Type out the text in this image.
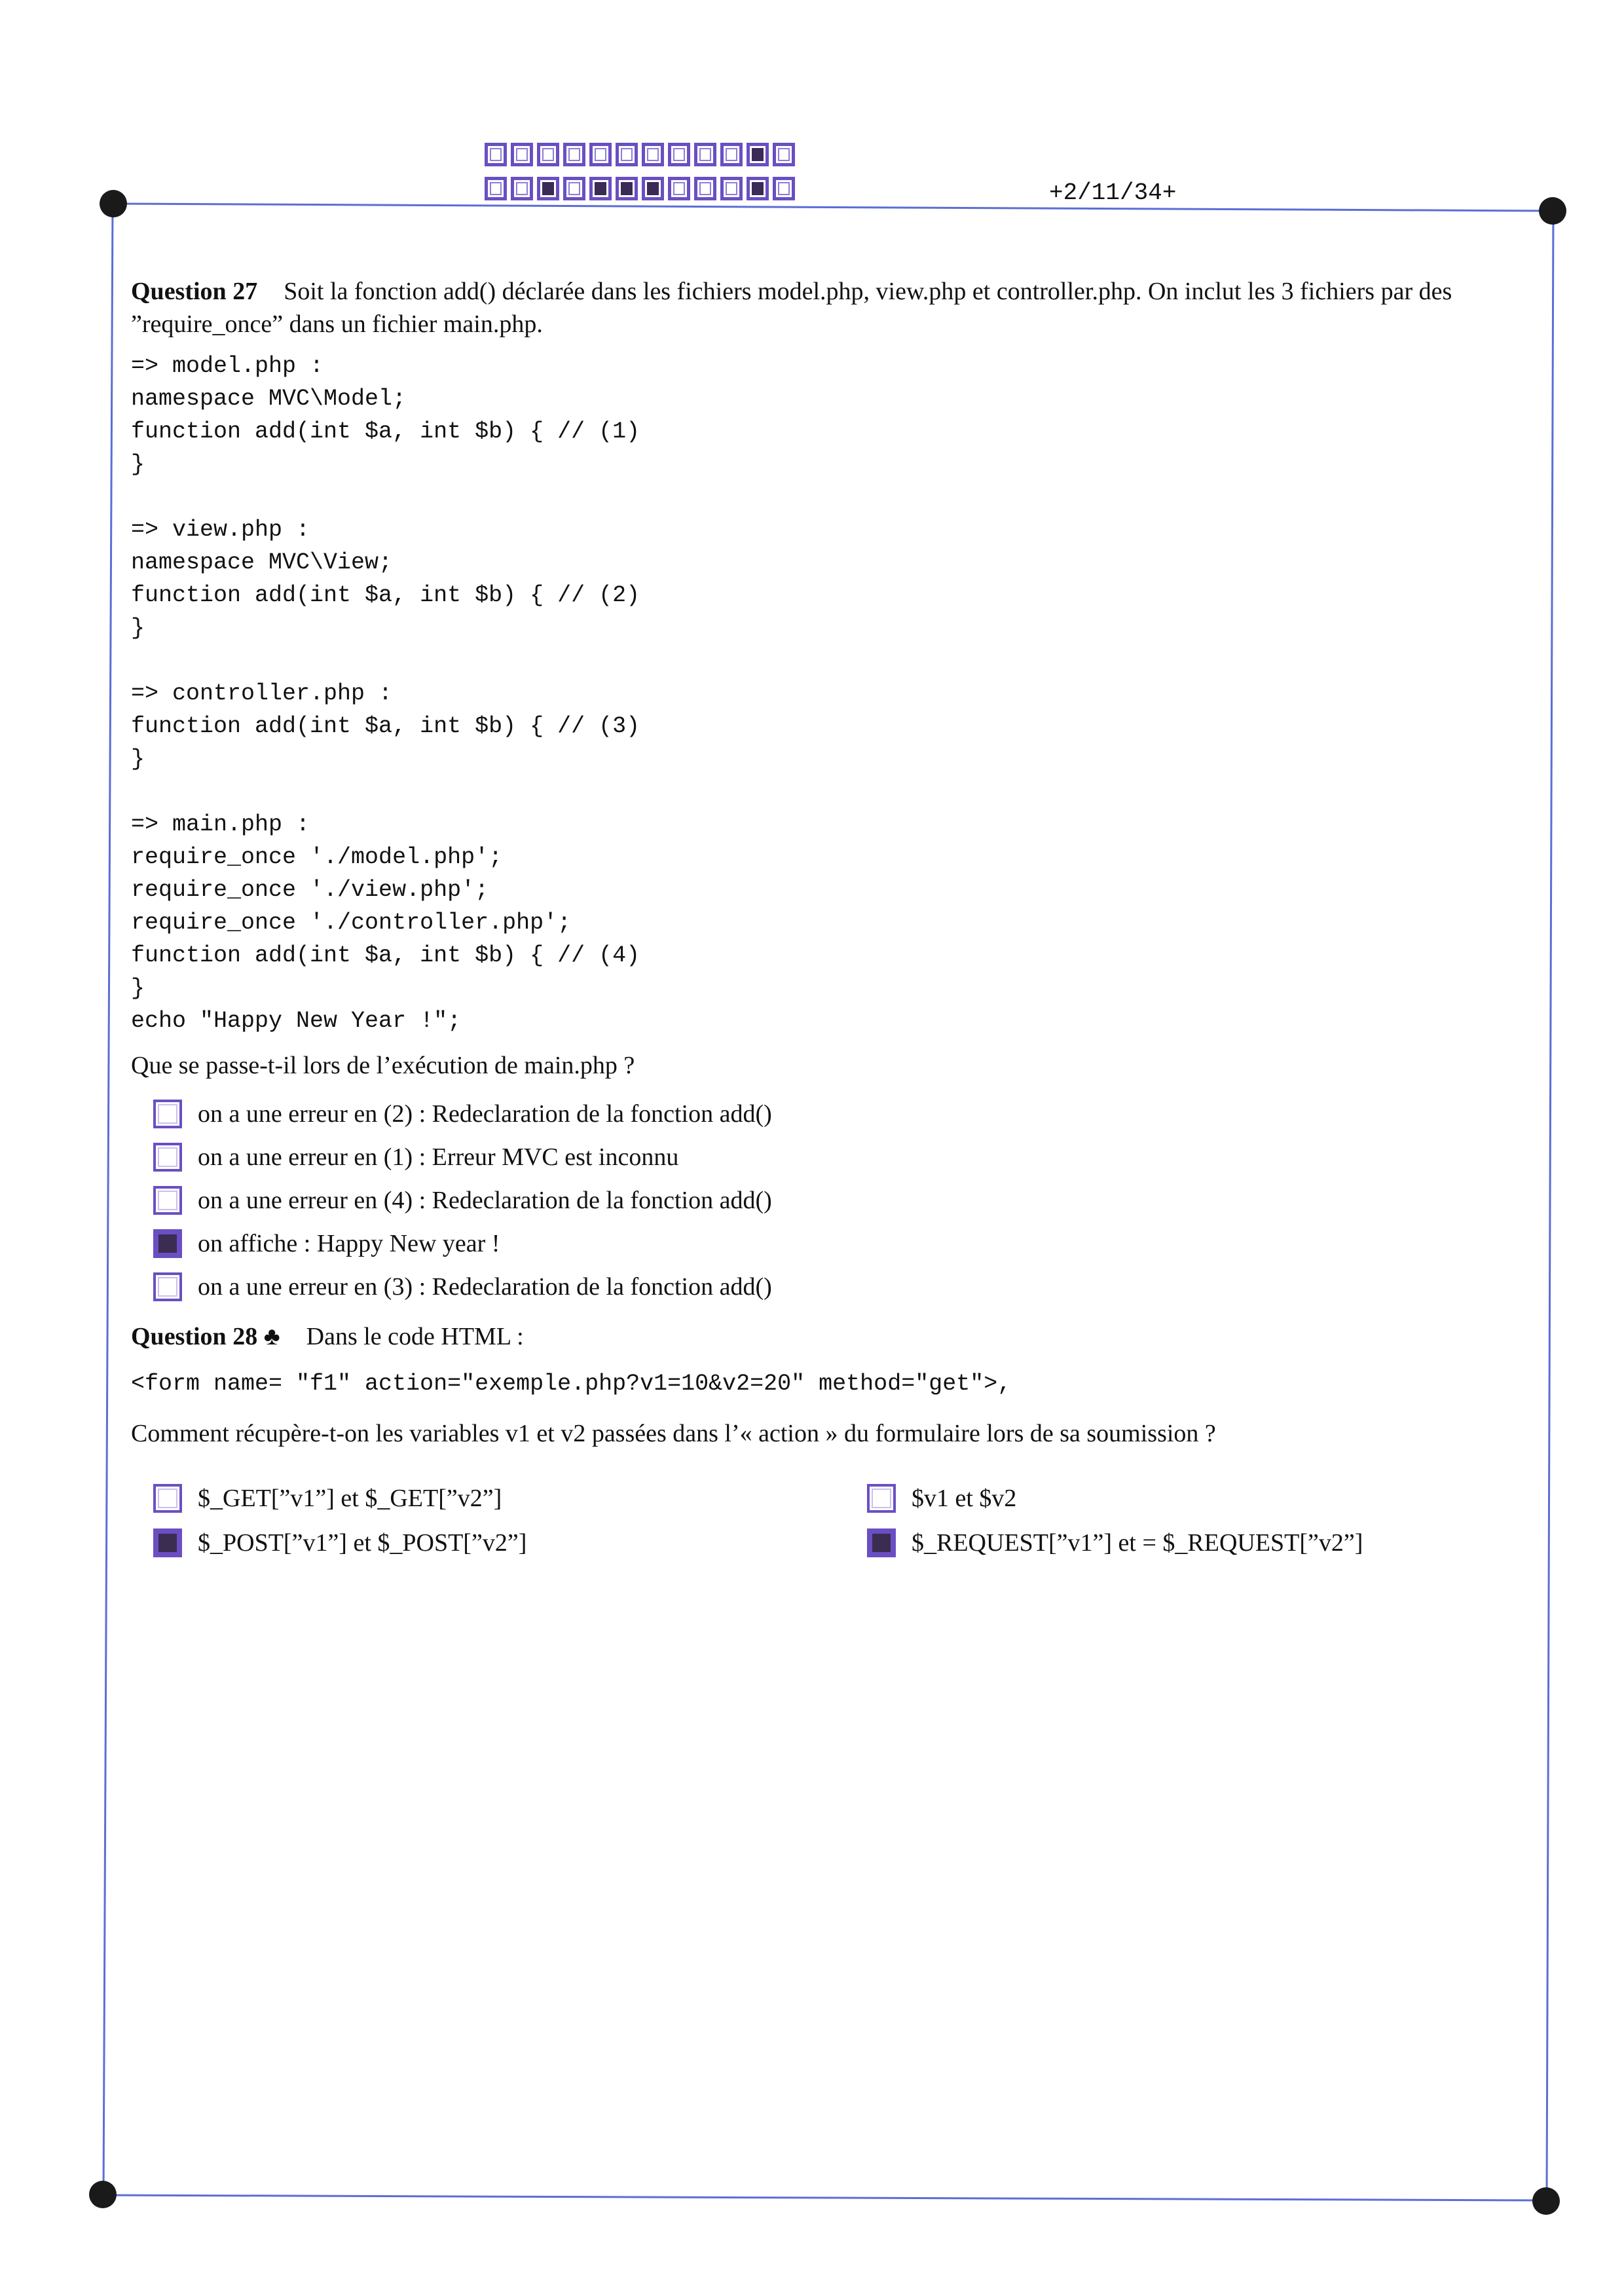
+2/11/34+

Question 27 Soit la fonction add() déclarée dans les fichiers model.php, view.php et controller.php. On inclut les 3 fichiers par des ”require_once” dans un fichier main.php.

=> model.php :
namespace MVC\Model;
function add(int $a, int $b) { // (1)
}
=> view.php :
namespace MVC\View;
function add(int $a, int $b) { // (2)
}
=> controller.php :
function add(int $a, int $b) { // (3)
}
=> main.php :
require_once './model.php';
require_once './view.php';
require_once './controller.php';
function add(int $a, int $b) { // (4)
}
echo "Happy New Year !";

Que se passe-t-il lors de l’exécution de main.php ?

on a une erreur en (2) : Redeclaration de la fonction add()
on a une erreur en (1) : Erreur MVC est inconnu
on a une erreur en (4) : Redeclaration de la fonction add()
on affiche : Happy New year !
on a une erreur en (3) : Redeclaration de la fonction add()

Question 28 ♣ Dans le code HTML :

<form name= "f1" action="exemple.php?v1=10&v2=20" method="get">,

Comment récupère-t-on les variables v1 et v2 passées dans l’« action » du formulaire lors de sa soumission ?

$_GET[”v1”] et $_GET[”v2”]	$v1 et $v2
$_POST[”v1”] et $_POST[”v2”]	$_REQUEST[”v1”] et = $_REQUEST[”v2”]
